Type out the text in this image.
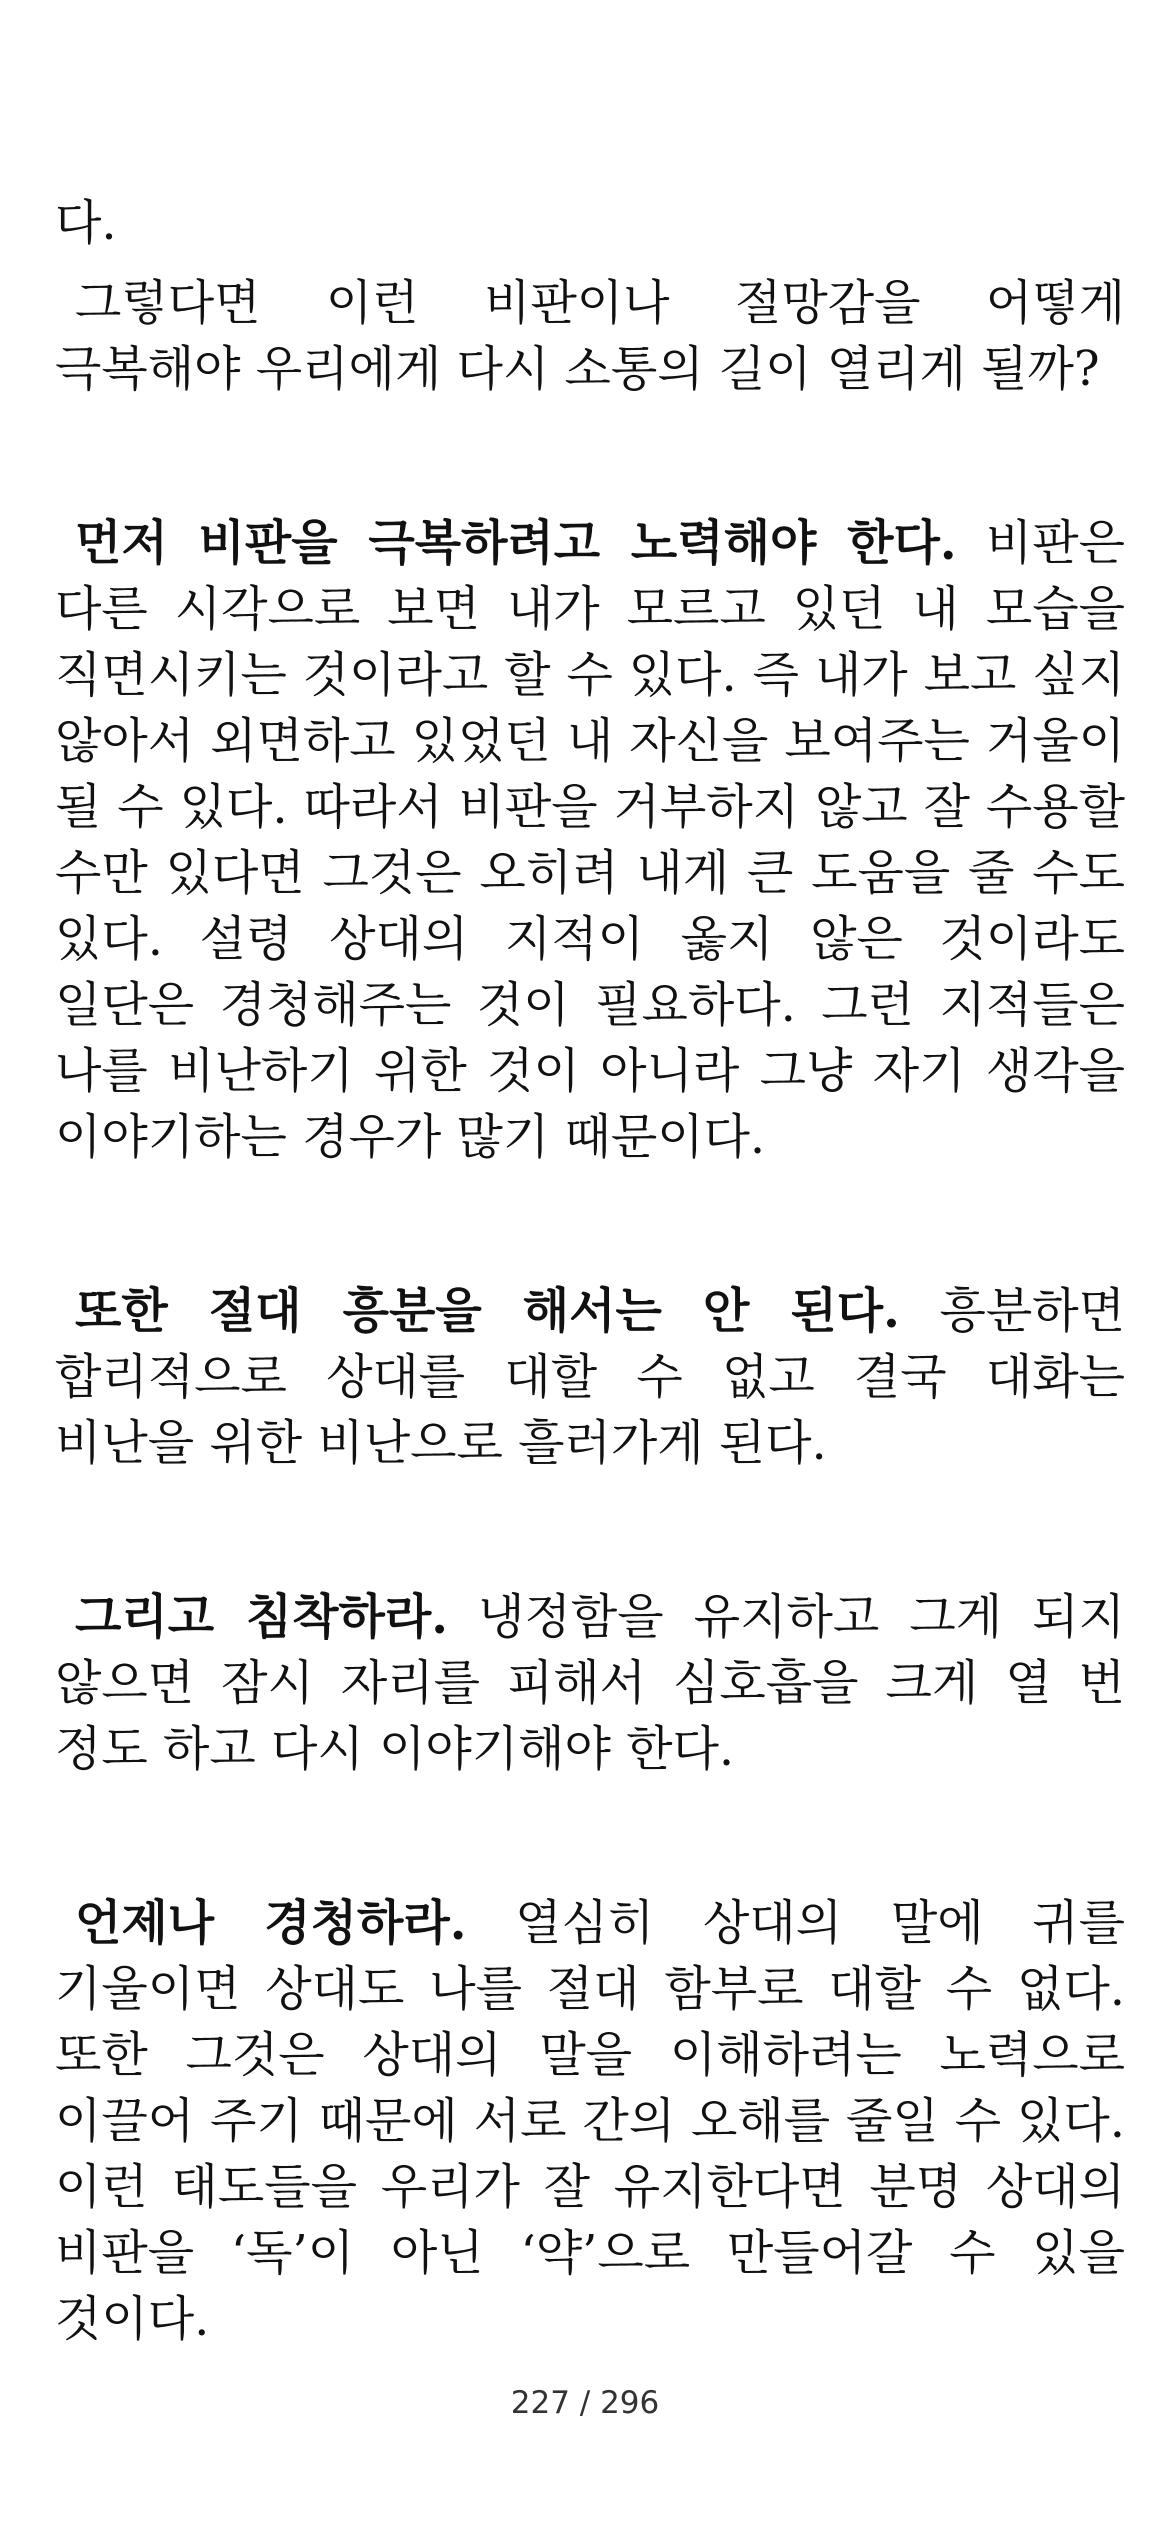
다.

그렇다면 이런 비판이나 절망감을 어떻게 극복해야 우리에게 다시 소통의 길이 열리게 될까?

먼저 비판을 극복하려고 노력해야 한다. 비판은 다른 시각으로 보면 내가 모르고 있던 내 모습을 직면시키는 것이라고 할 수 있다. 즉 내가 보고 싶지 않아서 외면하고 있었던 내 자신을 보여주는 거울이 될 수 있다. 따라서 비판을 거부하지 않고 잘 수용할 수만 있다면 그것은 오히려 내게 큰 도움을 줄 수도 있다. 설령 상대의 지적이 옳지 않은 것이라도 일단은 경청해주는 것이 필요하다. 그런 지적들은 나를 비난하기 위한 것이 아니라 그냥 자기 생각을 이야기하는 경우가 많기 때문이다.

또한 절대 흥분을 해서는 안 된다. 흥분하면 합리적으로 상대를 대할 수 없고 결국 대화는 비난을 위한 비난으로 흘러가게 된다.

그리고 침착하라. 냉정함을 유지하고 그게 되지 않으면 잠시 자리를 피해서 심호흡을 크게 열 번 정도 하고 다시 이야기해야 한다.

언제나 경청하라. 열심히 상대의 말에 귀를 기울이면 상대도 나를 절대 함부로 대할 수 없다. 또한 그것은 상대의 말을 이해하려는 노력으로 이끌어 주기 때문에 서로 간의 오해를 줄일 수 있다. 이런 태도들을 우리가 잘 유지한다면 분명 상대의 비판을 ‘독’이 아닌 ‘약’으로 만들어갈 수 있을 것이다.

227 / 296
